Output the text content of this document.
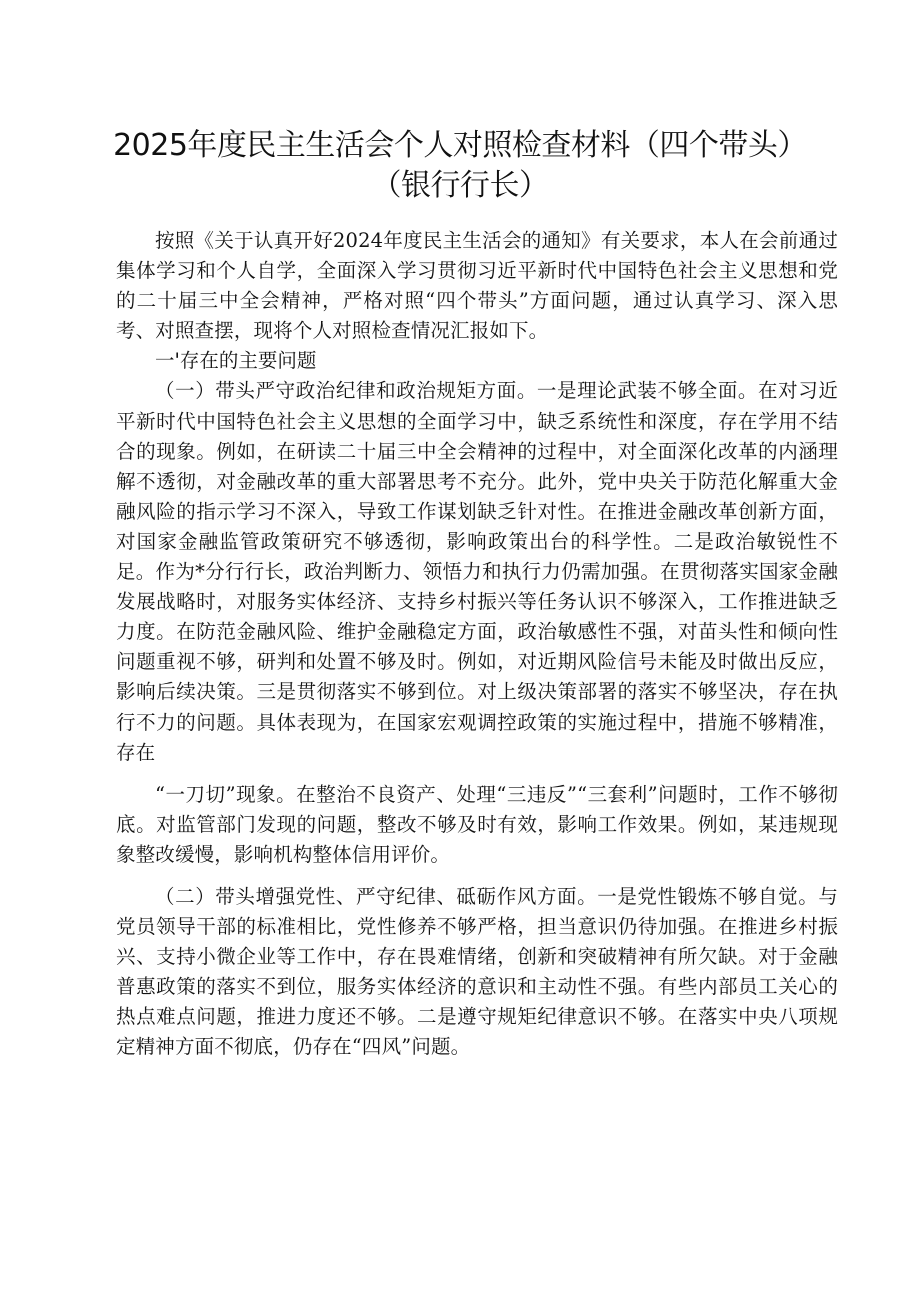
2025年度民主生活会个人对照检查材料（四个带头）
（银行行长）

按照《关于认真开好2024年度民主生活会的通知》有关要求，本人在会前通过集体学习和个人自学，全面深入学习贯彻习近平新时代中国特色社会主义思想和党的二十届三中全会精神，严格对照“四个带头”方面问题，通过认真学习、深入思考、对照查摆，现将个人对照检查情况汇报如下。

一'存在的主要问题

（一）带头严守政治纪律和政治规矩方面。一是理论武装不够全面。在对习近平新时代中国特色社会主义思想的全面学习中，缺乏系统性和深度，存在学用不结合的现象。例如，在研读二十届三中全会精神的过程中，对全面深化改革的内涵理解不透彻，对金融改革的重大部署思考不充分。此外，党中央关于防范化解重大金融风险的指示学习不深入，导致工作谋划缺乏针对性。在推进金融改革创新方面，对国家金融监管政策研究不够透彻，影响政策出台的科学性。二是政治敏锐性不足。作为*分行行长，政治判断力、领悟力和执行力仍需加强。在贯彻落实国家金融发展战略时，对服务实体经济、支持乡村振兴等任务认识不够深入，工作推进缺乏力度。在防范金融风险、维护金融稳定方面，政治敏感性不强，对苗头性和倾向性问题重视不够，研判和处置不够及时。例如，对近期风险信号未能及时做出反应，影响后续决策。三是贯彻落实不够到位。对上级决策部署的落实不够坚决，存在执行不力的问题。具体表现为，在国家宏观调控政策的实施过程中，措施不够精准，存在

“一刀切”现象。在整治不良资产、处理“三违反”“三套利”问题时，工作不够彻底。对监管部门发现的问题，整改不够及时有效，影响工作效果。例如，某违规现象整改缓慢，影响机构整体信用评价。

（二）带头增强党性、严守纪律、砥砺作风方面。一是党性锻炼不够自觉。与党员领导干部的标准相比，党性修养不够严格，担当意识仍待加强。在推进乡村振兴、支持小微企业等工作中，存在畏难情绪，创新和突破精神有所欠缺。对于金融普惠政策的落实不到位，服务实体经济的意识和主动性不强。有些内部员工关心的热点难点问题，推进力度还不够。二是遵守规矩纪律意识不够。在落实中央八项规定精神方面不彻底，仍存在“四风”问题。
